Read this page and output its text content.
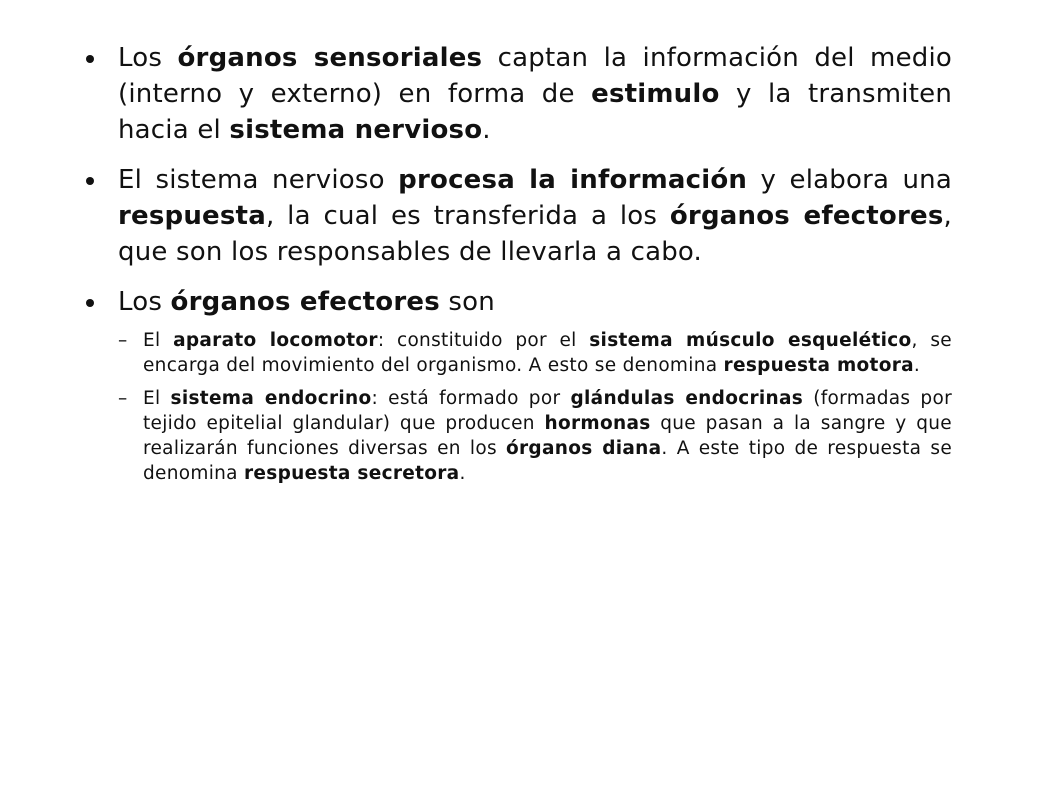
Los órganos sensoriales captan la información del medio (interno y externo) en forma de estimulo y la transmiten hacia el sistema nervioso.
El sistema nervioso procesa la información y elabora una respuesta, la cual es transferida a los órganos efectores, que son los responsables de llevarla a cabo.
Los órganos efectores son
– El aparato locomotor: constituido por el sistema músculo esquelético, se encarga del movimiento del organismo. A esto se denomina respuesta motora.
– El sistema endocrino: está formado por glándulas endocrinas (formadas por tejido epitelial glandular) que producen hormonas que pasan a la sangre y que realizarán funciones diversas en los órganos diana. A este tipo de respuesta se denomina respuesta secretora.
